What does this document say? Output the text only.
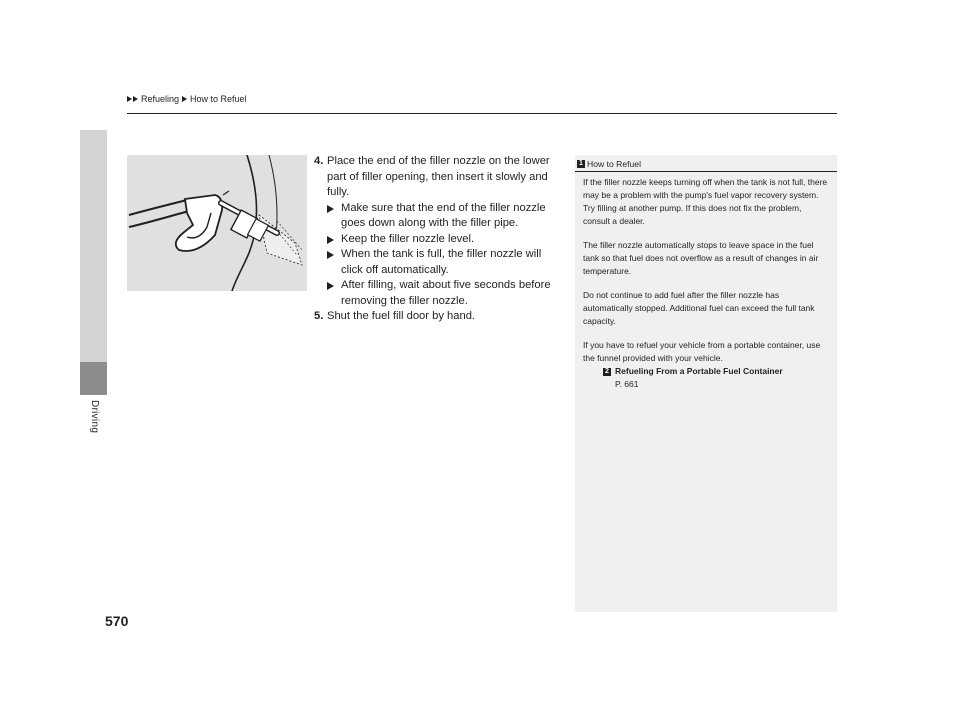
Refueling How to Refuel
Driving
4. Place the end of the filler nozzle on the lower part of filler opening, then insert it slowly and fully.
Make sure that the end of the filler nozzle goes down along with the filler pipe.
Keep the filler nozzle level.
When the tank is full, the filler nozzle will click off automatically.
After filling, wait about five seconds before removing the filler nozzle.
5. Shut the fuel fill door by hand.
1 How to Refuel

If the filler nozzle keeps turning off when the tank is not full, there may be a problem with the pump's fuel vapor recovery system. Try filling at another pump. If this does not fix the problem, consult a dealer.

The filler nozzle automatically stops to leave space in the fuel tank so that fuel does not overflow as a result of changes in air temperature.

Do not continue to add fuel after the filler nozzle has automatically stopped. Additional fuel can exceed the full tank capacity.

If you have to refuel your vehicle from a portable container, use the funnel provided with your vehicle.

2 Refueling From a Portable Fuel Container
P. 661
570
